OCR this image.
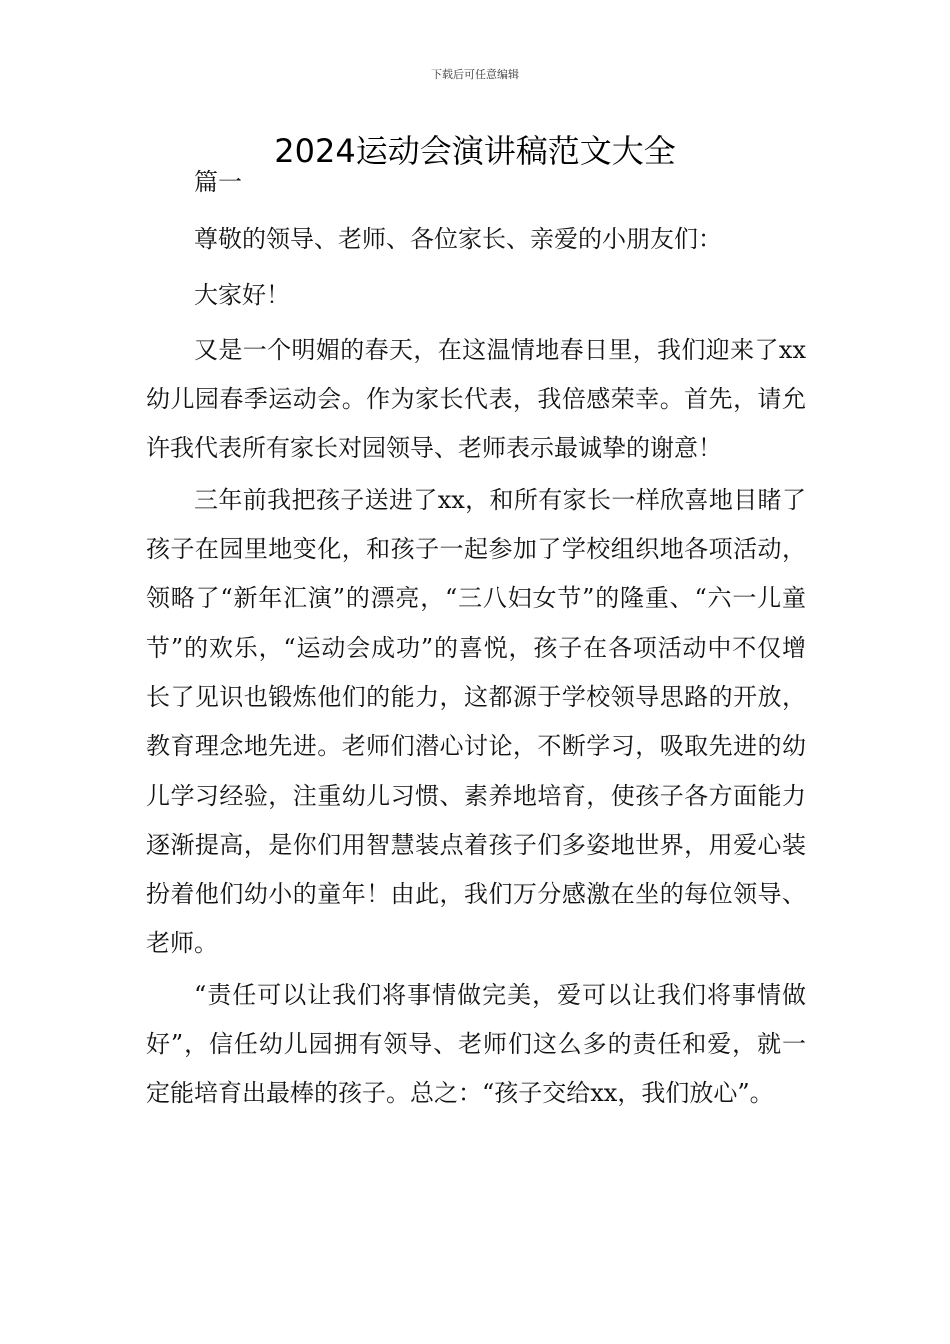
下载后可任意编辑
2024运动会演讲稿范文大全

篇一

尊敬的领导、老师、各位家长、亲爱的小朋友们：

大家好！

又是一个明媚的春天，在这温情地春日里，我们迎来了xx幼儿园春季运动会。作为家长代表，我倍感荣幸。首先，请允许我代表所有家长对园领导、老师表示最诚挚的谢意！

三年前我把孩子送进了xx，和所有家长一样欣喜地目睹了孩子在园里地变化，和孩子一起参加了学校组织地各项活动，领略了“新年汇演”的漂亮，“三八妇女节”的隆重、“六一儿童节”的欢乐，“运动会成功”的喜悦，孩子在各项活动中不仅增长了见识也锻炼他们的能力，这都源于学校领导思路的开放，教育理念地先进。老师们潜心讨论，不断学习，吸取先进的幼儿学习经验，注重幼儿习惯、素养地培育，使孩子各方面能力逐渐提高，是你们用智慧装点着孩子们多姿地世界，用爱心装扮着他们幼小的童年！由此，我们万分感激在坐的每位领导、老师。

“责任可以让我们将事情做完美，爱可以让我们将事情做好”，信任幼儿园拥有领导、老师们这么多的责任和爱，就一定能培育出最棒的孩子。总之：“孩子交给xx，我们放心”。
